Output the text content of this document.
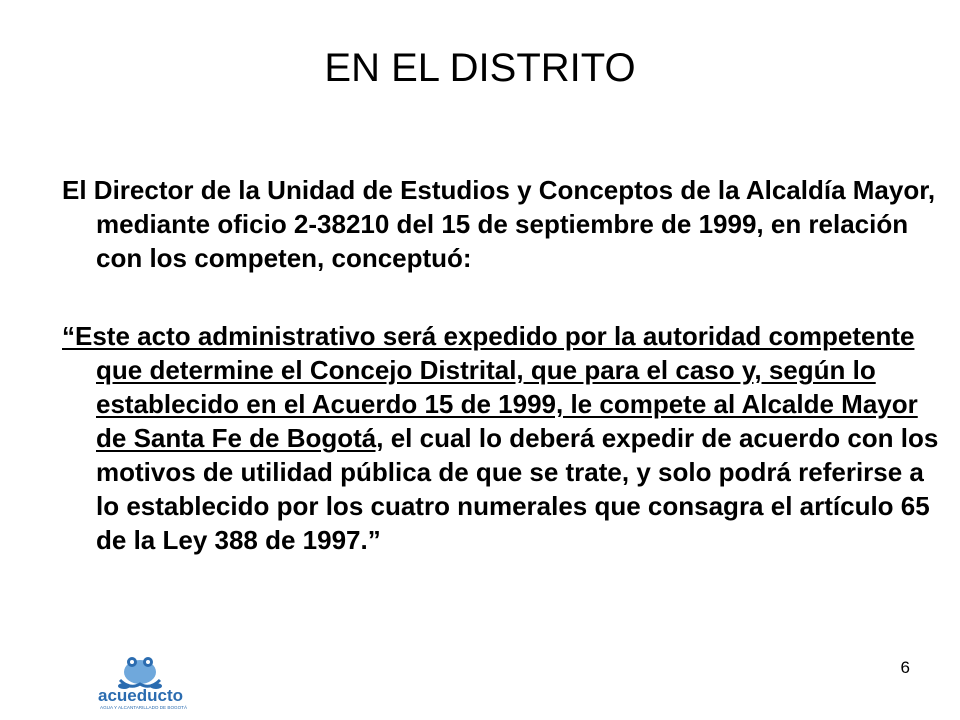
EN EL DISTRITO
El Director de la Unidad de Estudios y Conceptos de la Alcaldía Mayor, mediante oficio 2-38210 del 15 de septiembre de 1999, en relación con los competen, conceptuó:
“Este acto administrativo será expedido por la autoridad competente que determine el Concejo Distrital, que para el caso y, según lo establecido en el Acuerdo 15 de 1999, le compete al Alcalde Mayor de Santa Fe de Bogotá, el cual lo deberá expedir de acuerdo con los motivos de utilidad pública de que se trate, y solo podrá referirse a lo establecido por los cuatro numerales que consagra el artículo 65 de la Ley 388 de 1997.”
acueducto
AGUA Y ALCANTARILLADO DE BOGOTÁ
6
